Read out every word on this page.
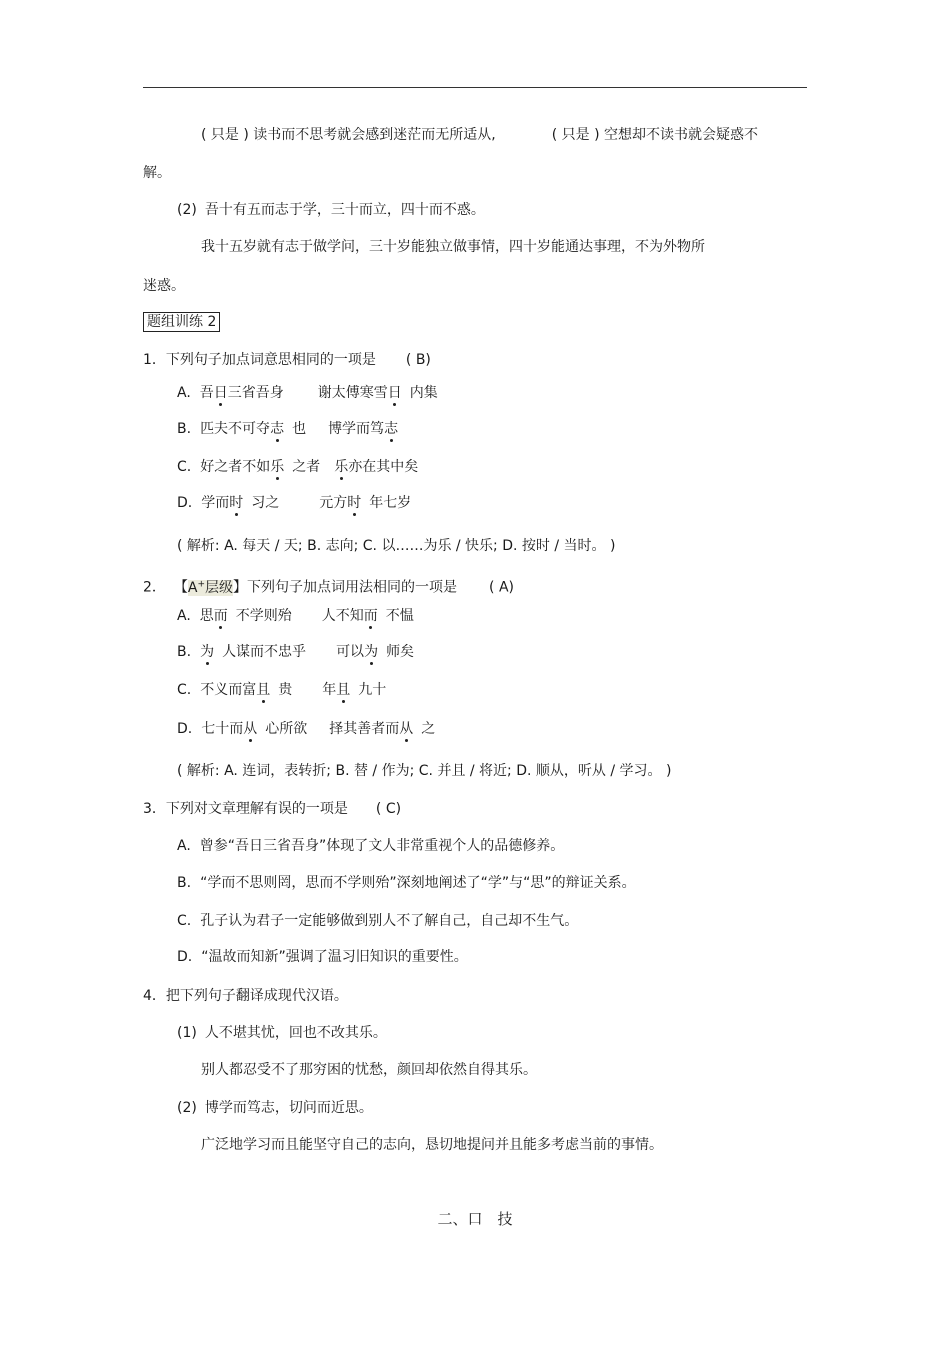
( 只是 ) 读书而不思考就会感到迷茫而无所适从,	( 只是 ) 空想却不读书就会疑惑不
解。
(2) 吾十有五而志于学，三十而立，四十而不惑。
我十五岁就有志于做学问，三十岁能独立做事情，四十岁能通达事理，不为外物所
迷惑。
题组训练 2
1．下列句子加点词意思相同的一项是 ( B)
A. 吾日三省吾身 谢太傅寒雪日 内集
B. 匹夫不可夺志 也 博学而笃志
C. 好之者不如乐 之者 乐亦在其中矣
D. 学而时 习之	元方时 年七岁
( 解析: A. 每天 / 天; B. 志向; C. 以……为乐 / 快乐; D. 按时 / 当时。 )
2． 【A+层级】下列句子加点词用法相同的一项是 ( A)
A. 思而 不学则殆 人不知而 不愠
B. 为 人谋而不忠乎 可以为 师矣
C. 不义而富且 贵 年且 九十
D. 七十而从 心所欲 择其善者而从 之
( 解析: A. 连词，表转折; B. 替 / 作为; C. 并且 / 将近; D. 顺从，听从 / 学习。 )
3．下列对文章理解有误的一项是 ( C)
A. 曾参“吾日三省吾身”体现了文人非常重视个人的品德修养。
B. “学而不思则罔，思而不学则殆”深刻地阐述了“学”与“思”的辩证关系。
C. 孔子认为君子一定能够做到别人不了解自己，自己却不生气。
D. “温故而知新”强调了温习旧知识的重要性。
4．把下列句子翻译成现代汉语。
(1) 人不堪其忧，回也不改其乐。
别人都忍受不了那穷困的忧愁，颜回却依然自得其乐。
(2) 博学而笃志，切问而近思。
广泛地学习而且能坚守自己的志向，恳切地提问并且能多考虑当前的事情。
二、口　技
